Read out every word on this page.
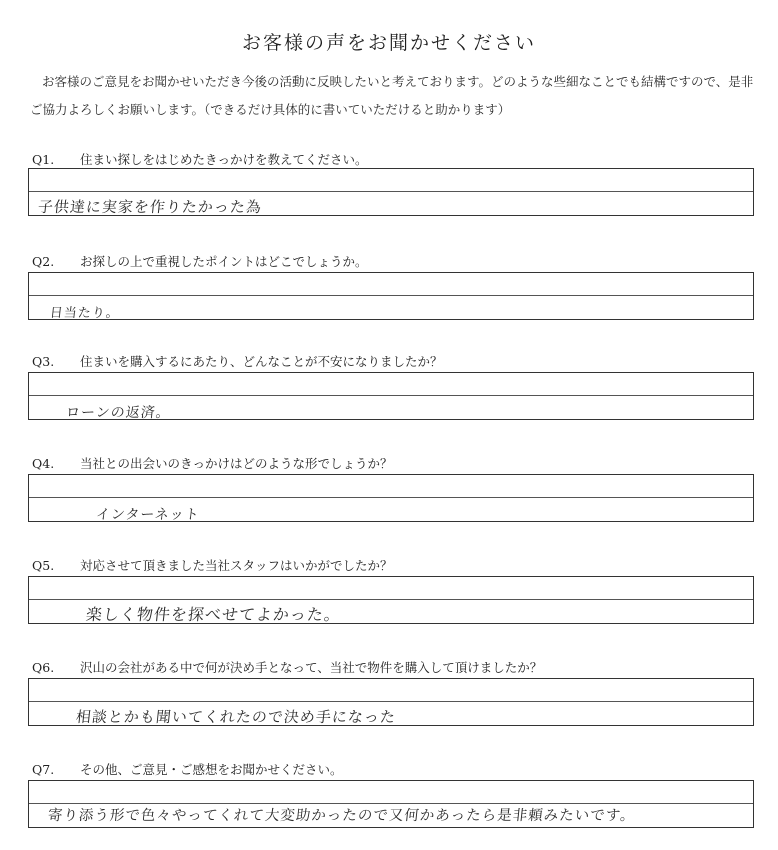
お客様の声をお聞かせください
お客様のご意見をお聞かせいただき今後の活動に反映したいと考えております。どのような些細なことでも結構ですので、是非ご協力よろしくお願いします。（できるだけ具体的に書いていただけると助かります）
Q1. 住まい探しをはじめたきっかけを教えてください。
子供達に実家を作りたかった為
Q2. お探しの上で重視したポイントはどこでしょうか。
日当たり。
Q3. 住まいを購入するにあたり、どんなことが不安になりましたか？
ローンの返済。
Q4. 当社との出会いのきっかけはどのような形でしょうか？
インターネット
Q5. 対応させて頂きました当社スタッフはいかがでしたか？
楽しく物件を探べせてよかった。
Q6. 沢山の会社がある中で何が決め手となって、当社で物件を購入して頂けましたか？
相談とかも聞いてくれたので決め手になった
Q7. その他、ご意見・ご感想をお聞かせください。
寄り添う形で色々やってくれて大変助かったので又何かあったら是非頼みたいです。
